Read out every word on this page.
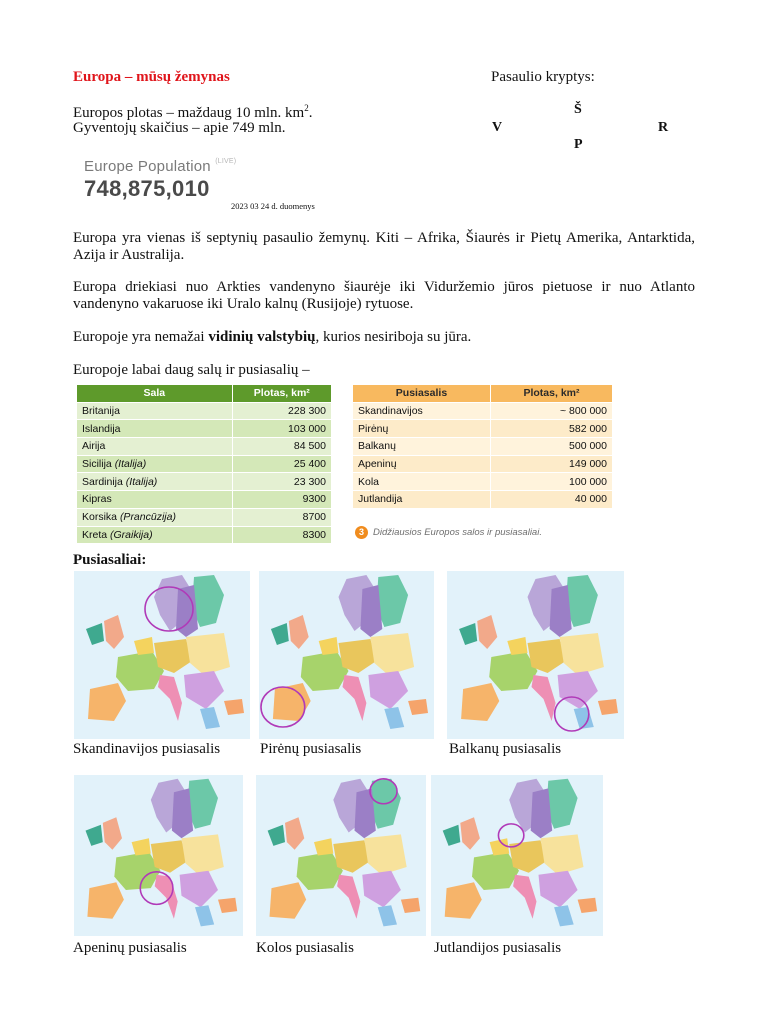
Europa – mūsų žemynas	Pasaulio kryptys:
Š
V	R
P
Europos plotas – maždaug 10 mln. $km^2$.
Gyventojų skaičius – apie 749 mln.
Europe Population $^{(LIVE)}$
748,875,010
2023 03 24 d. duomenys
Europa yra vienas iš septynių pasaulio žemynų. Kiti – Afrika, Šiaurės ir Pietų Amerika, Antarktida, Azija ir Australija.
Europa driekiasi nuo Arkties vandenyno šiaurėje iki Viduržemio jūros pietuose ir nuo Atlanto vandenyno vakaruose iki Uralo kalnų (Rusijoje) rytuose.
Europoje yra nemažai vidinių valstybių, kurios nesiriboja su jūra.
Europoje labai daug salų ir pusiasalių –
Sala	Plotas, km²
Britanija	228 300
Islandija	103 000
Airija	84 500
Sicilija (Italija)	25 400
Sardinija (Italija)	23 300
Kipras	9300
Korsika (Prancūzija)	8700
Kreta (Graikija)	8300
Pusiasalis	Plotas, km²
Skandinavijos	~ 800 000
Pirėnų	582 000
Balkanų	500 000
Apeninų	149 000
Kola	100 000
Jutlandija	40 000
3 Didžiausios Europos salos ir pusiasaliai.
Pusiasaliai:
Skandinavijos pusiasalis	Pirėnų pusiasalis	Balkanų pusiasalis
Apeninų pusiasalis	Kolos pusiasalis	Jutlandijos pusiasalis
